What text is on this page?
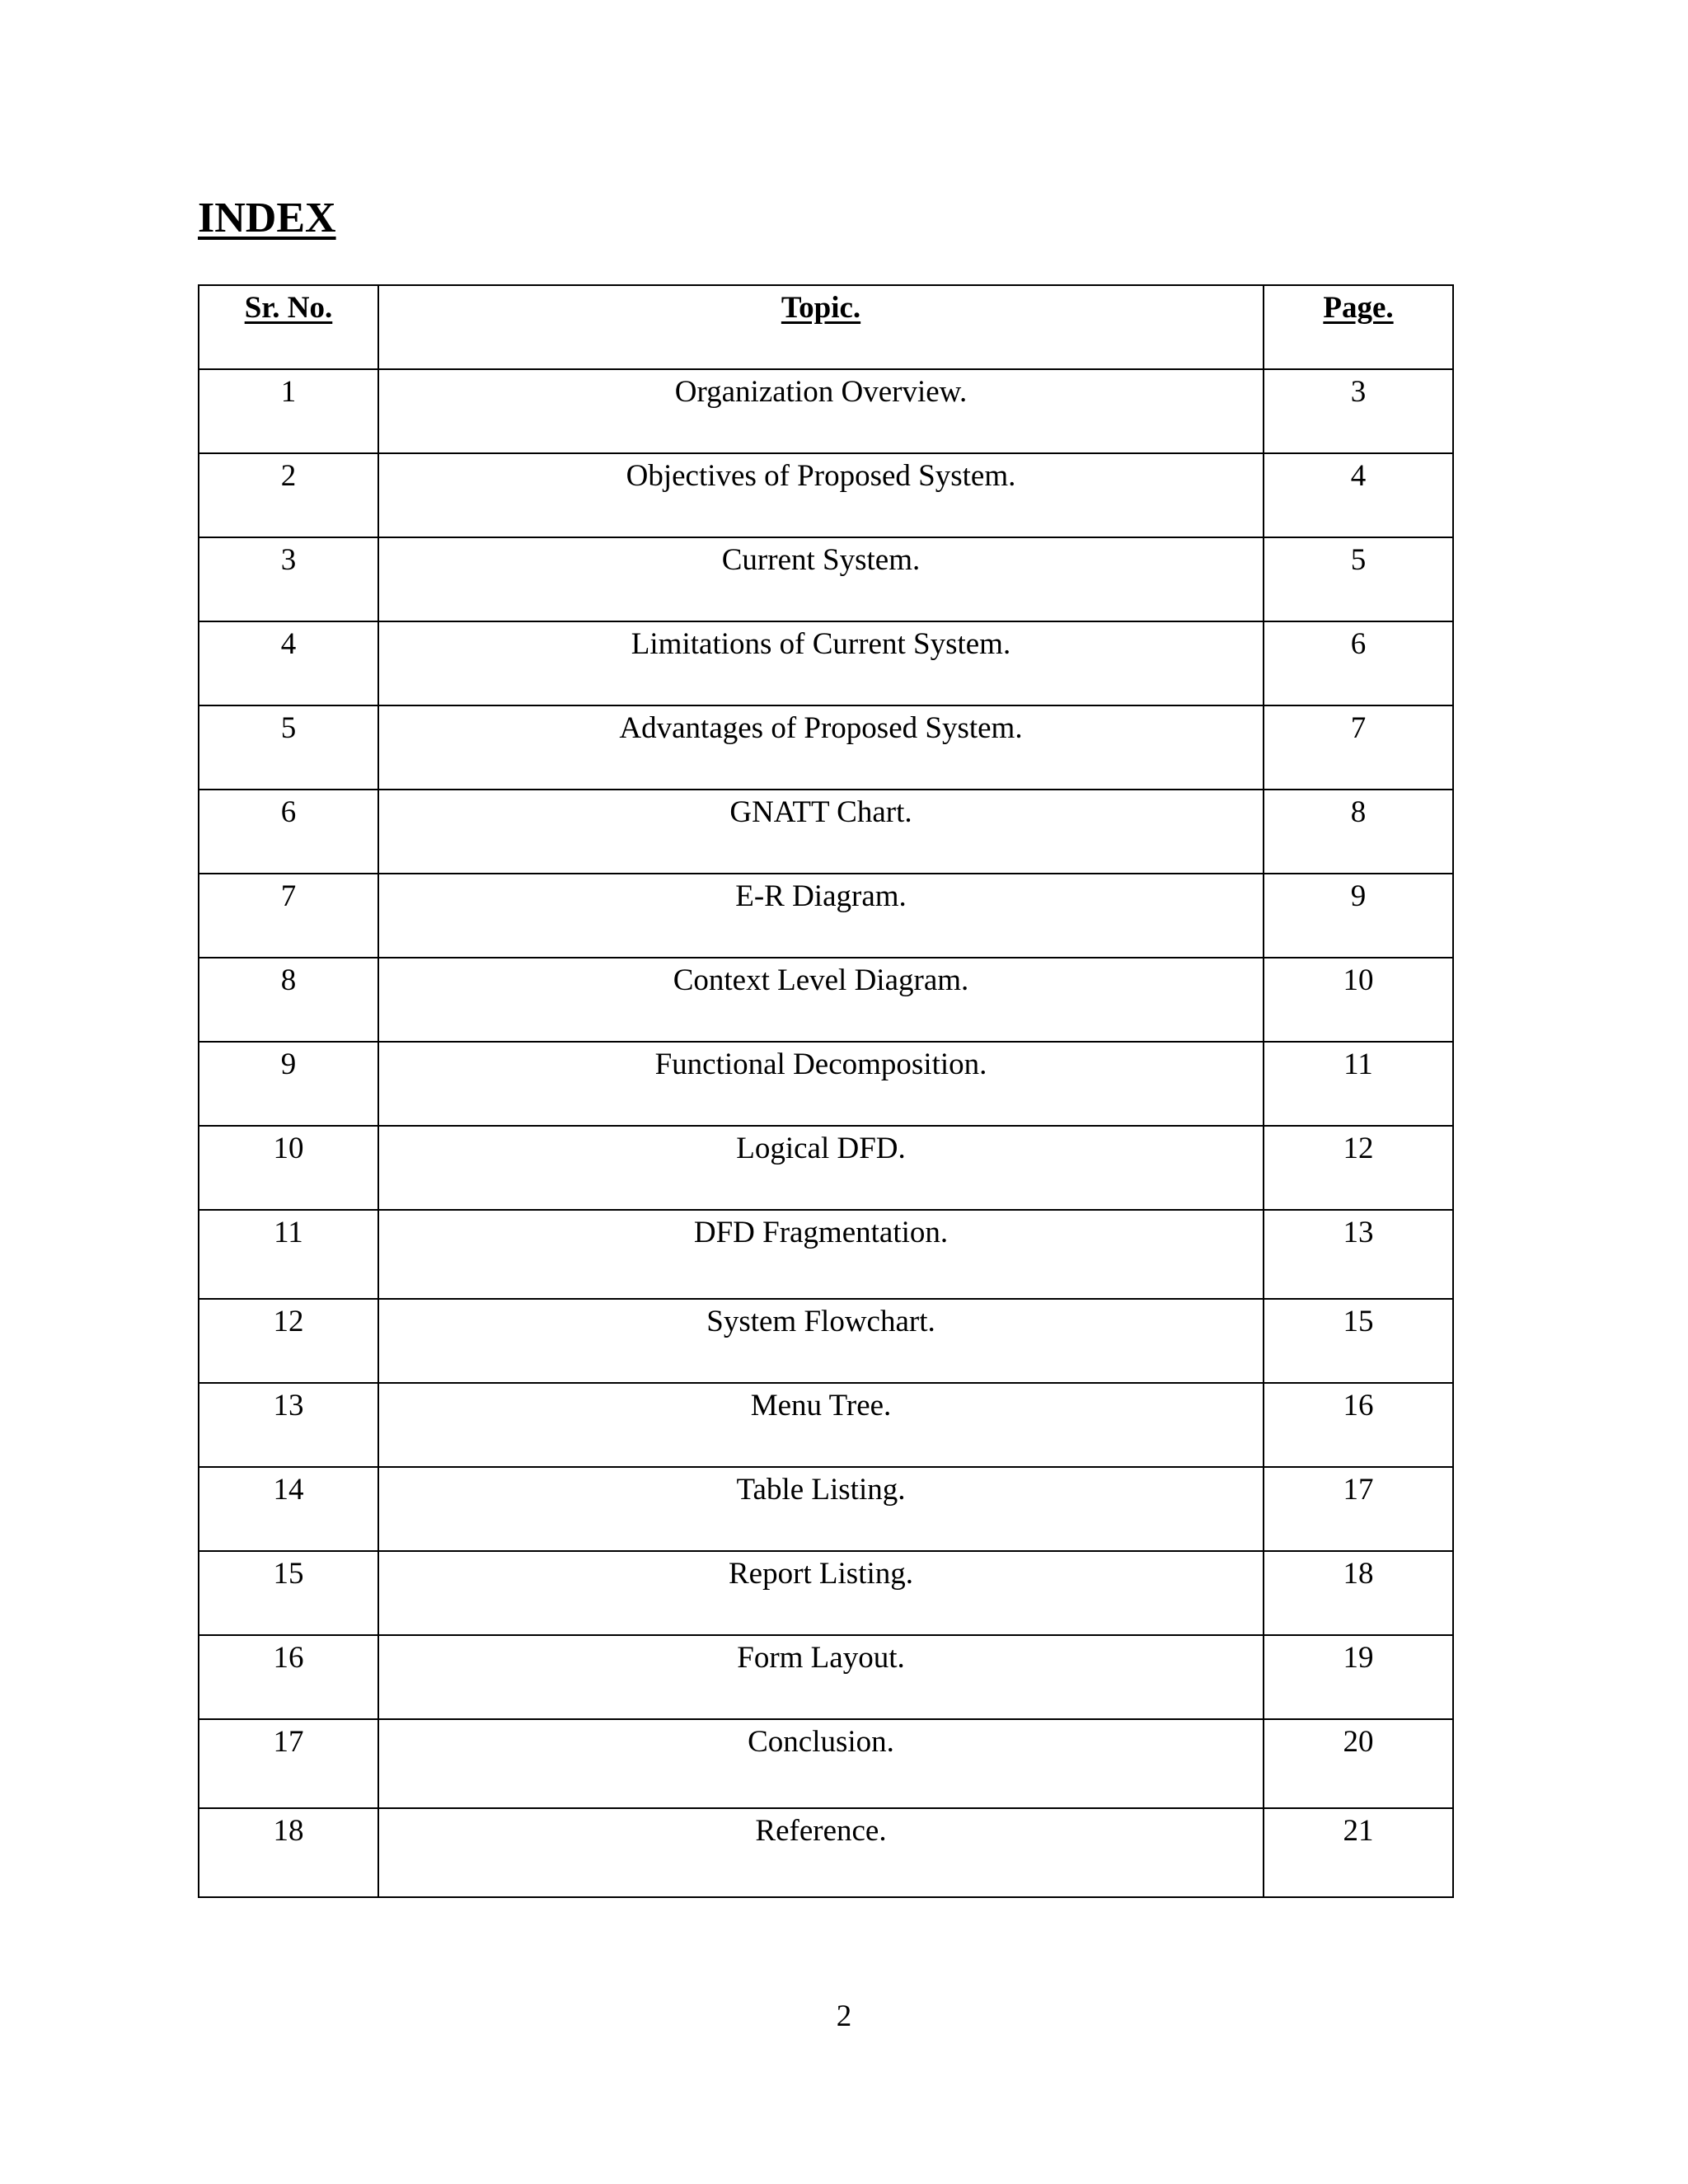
INDEX
Sr. No.	Topic.	Page.

1	Organization Overview.	3

2	Objectives of Proposed System.	4

3	Current System.	5

4	Limitations of Current System.	6

5	Advantages of Proposed System.	7

6	GNATT Chart.	8

7	E-R Diagram.	9

8	Context Level Diagram.	10

9	Functional Decomposition.	11

10	Logical DFD.	12

11	DFD Fragmentation.	13

12	System Flowchart.	15

13	Menu Tree.	16

14	Table Listing.	17

15	Report Listing.	18

16	Form Layout.	19

17	Conclusion.	20

18	Reference.	21
2
